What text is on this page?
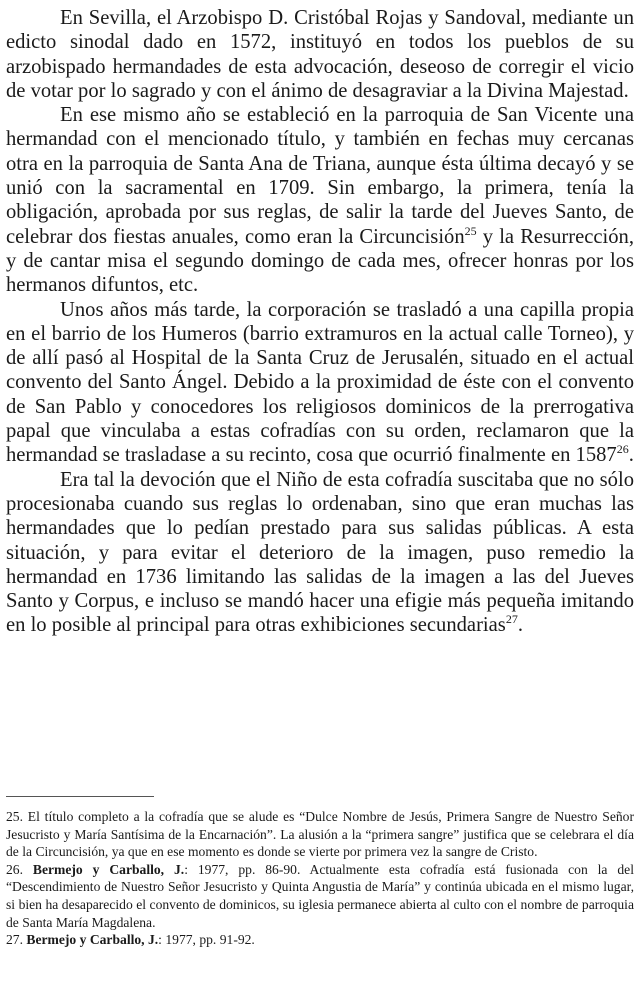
En Sevilla, el Arzobispo D. Cristóbal Rojas y Sandoval, mediante un edicto sinodal dado en 1572, instituyó en todos los pueblos de su arzobispado hermandades de esta advocación, deseoso de corregir el vicio de votar por lo sagrado y con el ánimo de desagraviar a la Divina Majestad.

En ese mismo año se estableció en la parroquia de San Vicente una hermandad con el mencionado título, y también en fechas muy cercanas otra en la parroquia de Santa Ana de Triana, aunque ésta última decayó y se unió con la sacramental en 1709. Sin embargo, la primera, tenía la obligación, aprobada por sus reglas, de salir la tarde del Jueves Santo, de celebrar dos fiestas anuales, como eran la Circuncisión$^{25}$ y la Resurrección, y de cantar misa el segundo domingo de cada mes, ofrecer honras por los hermanos difuntos, etc.

Unos años más tarde, la corporación se trasladó a una capilla propia en el barrio de los Humeros (barrio extramuros en la actual calle Torneo), y de allí pasó al Hospital de la Santa Cruz de Jerusalén, situado en el actual convento del Santo Ángel. Debido a la proximidad de éste con el convento de San Pablo y conocedores los religiosos dominicos de la prerrogativa papal que vinculaba a estas cofradías con su orden, reclamaron que la hermandad se trasladase a su recinto, cosa que ocurrió finalmente en 1587$^{26}$.

Era tal la devoción que el Niño de esta cofradía suscitaba que no sólo procesionaba cuando sus reglas lo ordenaban, sino que eran muchas las hermandades que lo pedían prestado para sus salidas públicas. A esta situación, y para evitar el deterioro de la imagen, puso remedio la hermandad en 1736 limitando las salidas de la imagen a las del Jueves Santo y Corpus, e incluso se mandó hacer una efigie más pequeña imitando en lo posible al principal para otras exhibiciones secundarias$^{27}$.

25. El título completo a la cofradía que se alude es “Dulce Nombre de Jesús, Primera Sangre de Nuestro Señor Jesucristo y María Santísima de la Encarnación”. La alusión a la “primera sangre” justifica que se celebrara el día de la Circuncisión, ya que en ese momento es donde se vierte por primera vez la sangre de Cristo.

26. Bermejo y Carballo, J.: 1977, pp. 86-90. Actualmente esta cofradía está fusionada con la del “Descendimiento de Nuestro Señor Jesucristo y Quinta Angustia de María” y continúa ubicada en el mismo lugar, si bien ha desaparecido el convento de dominicos, su iglesia permanece abierta al culto con el nombre de parroquia de Santa María Magdalena.

27. Bermejo y Carballo, J.: 1977, pp. 91-92.
